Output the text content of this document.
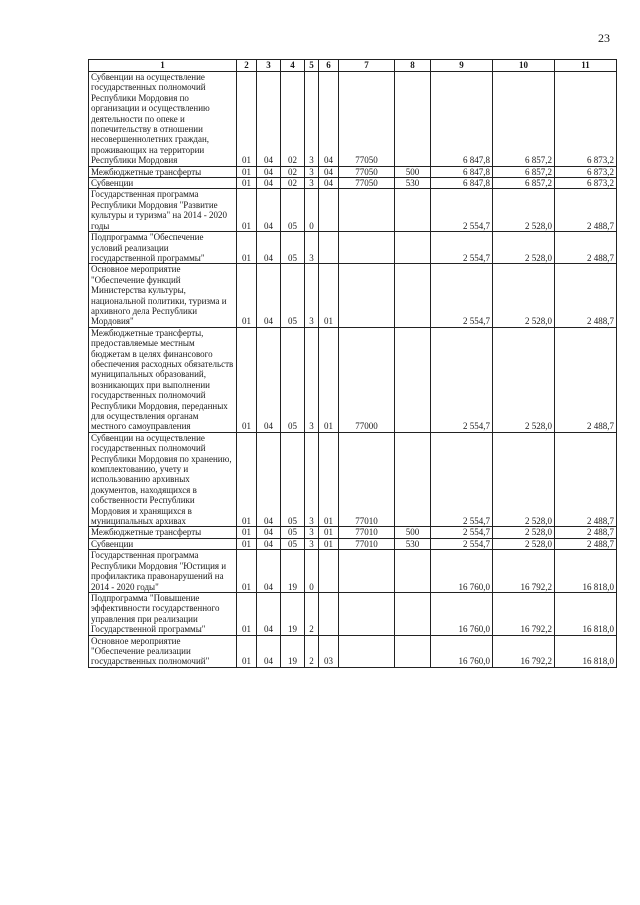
23
1	2	3	4	5	6	7	8	9	10	11
Субвенции на осуществление государственных полномочий Республики Мордовия по организации и осуществлению деятельности по опеке и попечительству в отношении несовершеннолетних граждан, проживающих на территории Республики Мордовия	01	04	02	3	04	77050		6 847,8	6 857,2	6 873,2
Межбюджетные трансферты	01	04	02	3	04	77050	500	6 847,8	6 857,2	6 873,2
Субвенции	01	04	02	3	04	77050	530	6 847,8	6 857,2	6 873,2
Государственная программа Республики Мордовия "Развитие культуры и туризма" на 2014 - 2020 годы	01	04	05	0				2 554,7	2 528,0	2 488,7
Подпрограмма "Обеспечение условий реализации государственной программы"	01	04	05	3				2 554,7	2 528,0	2 488,7
Основное мероприятие "Обеспечение функций Министерства культуры, национальной политики, туризма и архивного дела Республики Мордовия"	01	04	05	3	01			2 554,7	2 528,0	2 488,7
Межбюджетные трансферты, предоставляемые местным бюджетам в целях финансового обеспечения расходных обязательств муниципальных образований, возникающих при выполнении государственных полномочий Республики Мордовия, переданных для осуществления органам местного самоуправления	01	04	05	3	01	77000		2 554,7	2 528,0	2 488,7
Субвенции на осуществление государственных полномочий Республики Мордовия по хранению, комплектованию, учету и использованию архивных документов, находящихся в собственности Республики Мордовия и хранящихся в муниципальных архивах	01	04	05	3	01	77010		2 554,7	2 528,0	2 488,7
Межбюджетные трансферты	01	04	05	3	01	77010	500	2 554,7	2 528,0	2 488,7
Субвенции	01	04	05	3	01	77010	530	2 554,7	2 528,0	2 488,7
Государственная программа Республики Мордовия "Юстиция и профилактика правонарушений на 2014 - 2020 годы"	01	04	19	0				16 760,0	16 792,2	16 818,0
Подпрограмма "Повышение эффективности государственного управления при реализации Государственной программы"	01	04	19	2				16 760,0	16 792,2	16 818,0
Основное мероприятие "Обеспечение реализации государственных полномочий"	01	04	19	2	03			16 760,0	16 792,2	16 818,0
